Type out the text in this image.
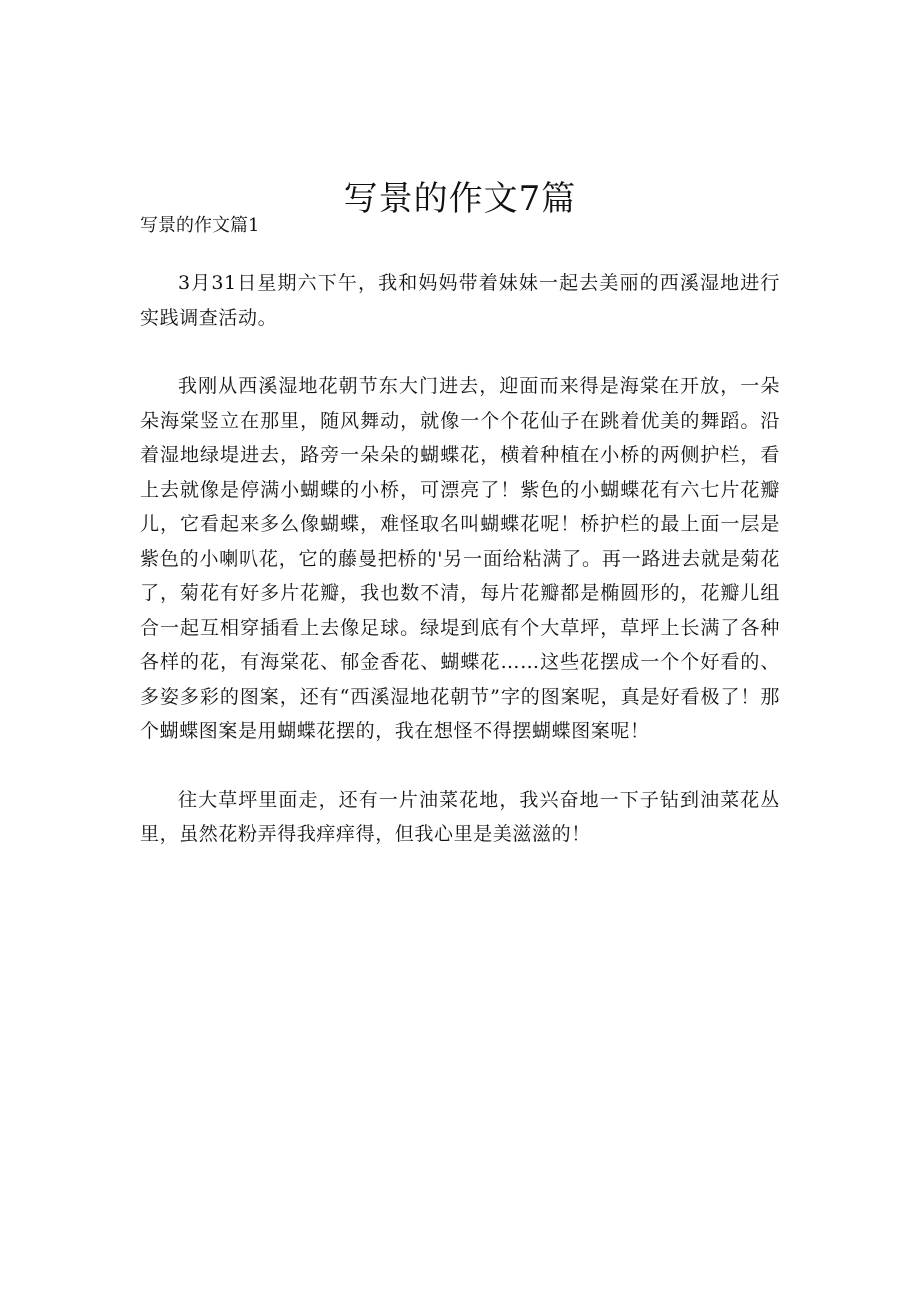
写景的作文7篇
写景的作文篇1

3月31日星期六下午，我和妈妈带着妹妹一起去美丽的西溪湿地进行实践调查活动。

我刚从西溪湿地花朝节东大门进去，迎面而来得是海棠在开放，一朵朵海棠竖立在那里，随风舞动，就像一个个花仙子在跳着优美的舞蹈。沿着湿地绿堤进去，路旁一朵朵的蝴蝶花，横着种植在小桥的两侧护栏，看上去就像是停满小蝴蝶的小桥，可漂亮了！紫色的小蝴蝶花有六七片花瓣儿，它看起来多么像蝴蝶，难怪取名叫蝴蝶花呢！桥护栏的最上面一层是紫色的小喇叭花，它的藤曼把桥的'另一面给粘满了。再一路进去就是菊花了，菊花有好多片花瓣，我也数不清，每片花瓣都是椭圆形的，花瓣儿组合一起互相穿插看上去像足球。绿堤到底有个大草坪，草坪上长满了各种各样的花，有海棠花、郁金香花、蝴蝶花……这些花摆成一个个好看的、多姿多彩的图案，还有“西溪湿地花朝节”字的图案呢，真是好看极了！那个蝴蝶图案是用蝴蝶花摆的，我在想怪不得摆蝴蝶图案呢！

往大草坪里面走，还有一片油菜花地，我兴奋地一下子钻到油菜花丛里，虽然花粉弄得我痒痒得，但我心里是美滋滋的！
